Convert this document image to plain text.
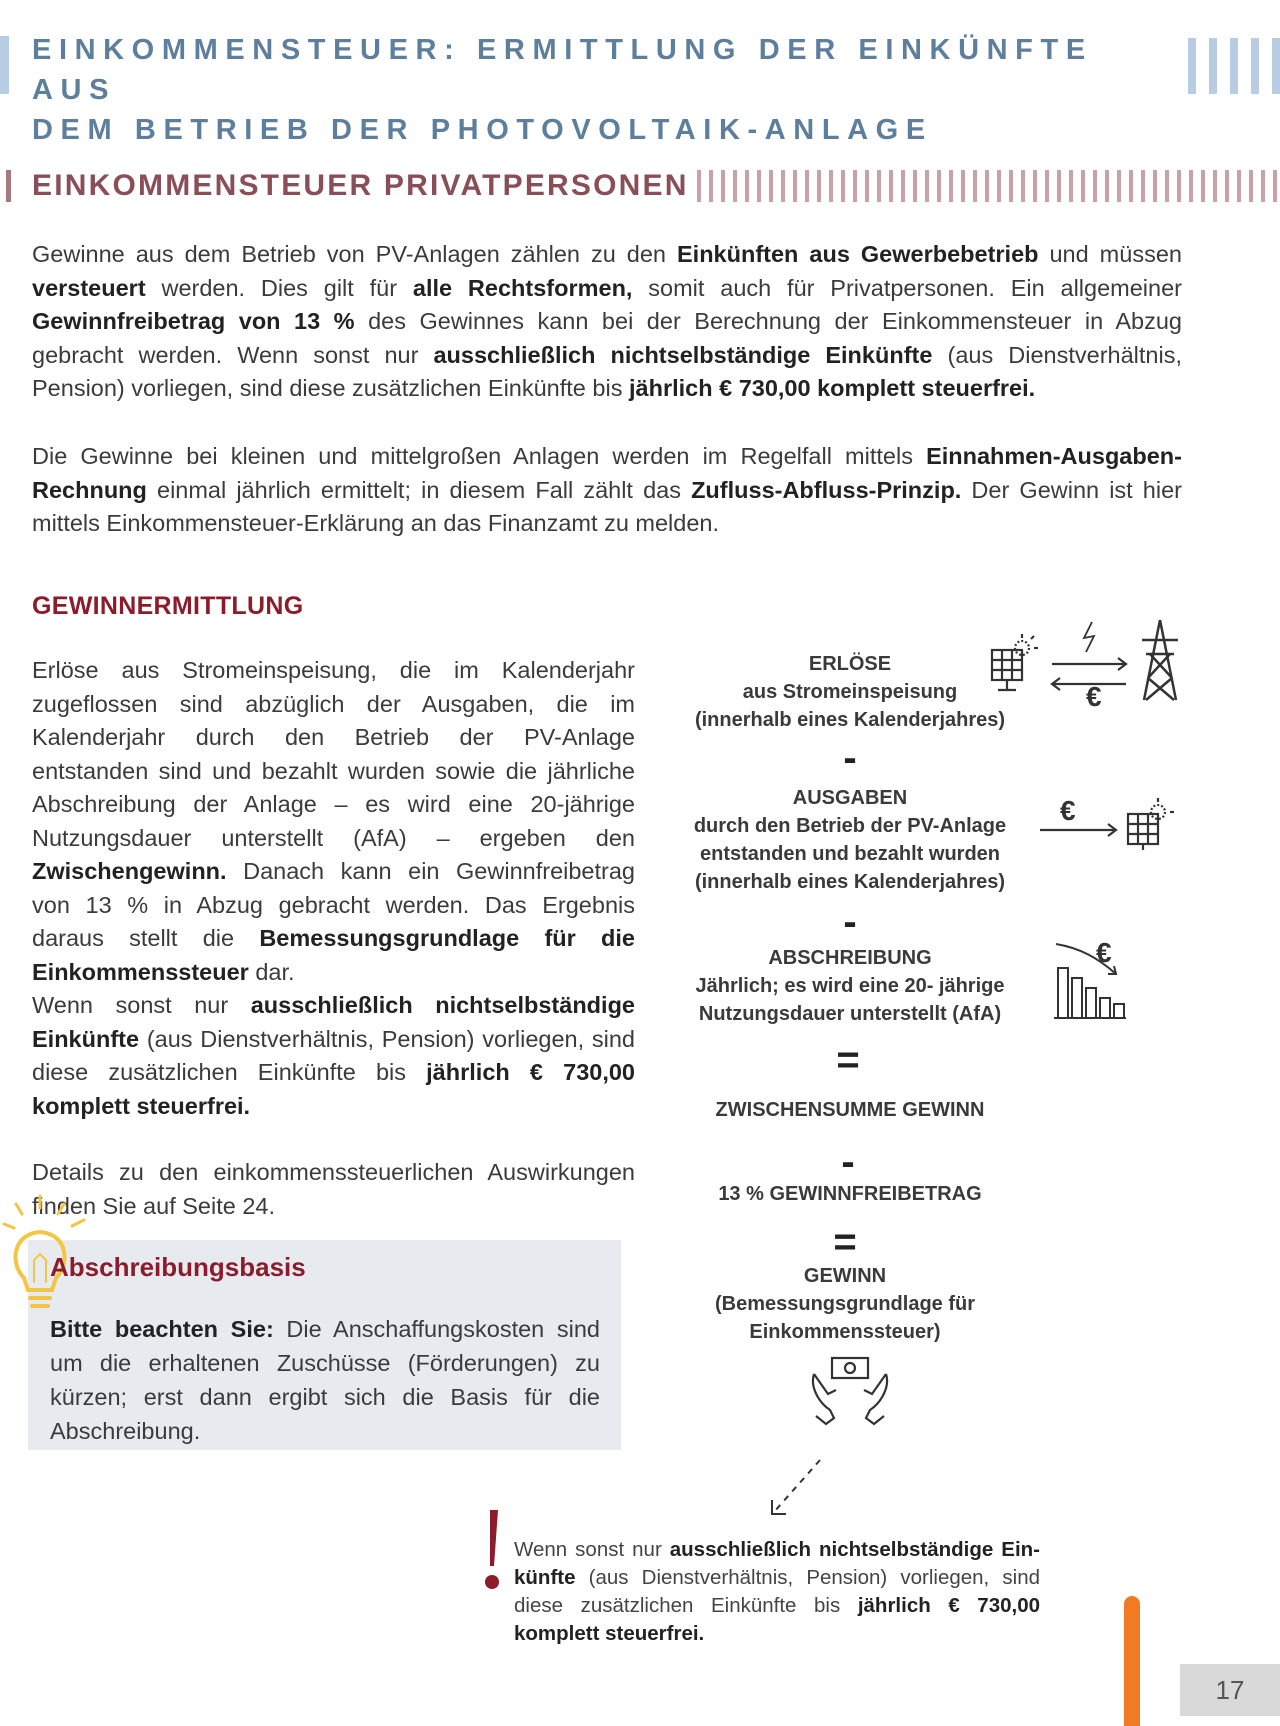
EINKOMMENSTEUER: ERMITTLUNG DER EINKÜNFTE AUS
DEM BETRIEB DER PHOTOVOLTAIK-ANLAGE
EINKOMMENSTEUER PRIVATPERSONEN
Gewinne aus dem Betrieb von PV-Anlagen zählen zu den Einkünften aus Gewerbebetrieb und müssen versteuert werden. Dies gilt für alle Rechtsformen, somit auch für Privatpersonen. Ein allgemeiner Gewinnfreibetrag von 13 % des Gewinnes kann bei der Berechnung der Einkommensteuer in Abzug gebracht werden. Wenn sonst nur ausschließlich nichtselbständige Einkünfte (aus Dienstverhältnis, Pension) vorliegen, sind diese zusätzlichen Einkünfte bis jährlich € 730,00 komplett steuerfrei.
Die Gewinne bei kleinen und mittelgroßen Anlagen werden im Regelfall mittels Einnahmen-Ausgaben-Rechnung einmal jährlich ermittelt; in diesem Fall zählt das Zufluss-Abfluss-Prinzip. Der Gewinn ist hier mittels Einkommensteuer-Erklärung an das Finanzamt zu melden.
GEWINNERMITTLUNG

Erlöse aus Stromeinspeisung, die im Kalenderjahr zugeflossen sind abzüglich der Ausgaben, die im Kalenderjahr durch den Betrieb der PV-Anlage entstanden sind und bezahlt wurden sowie die jährliche Abschreibung der Anlage – es wird eine 20-jährige Nutzungsdauer unterstellt (AfA) – ergeben den Zwischengewinn. Danach kann ein Gewinnfreibetrag von 13 % in Abzug gebracht werden. Das Ergebnis daraus stellt die Bemessungsgrundlage für die Einkommenssteuer dar.

Wenn sonst nur ausschließlich nichtselbständige Einkünfte (aus Dienstverhältnis, Pension) vorliegen, sind diese zusätzlichen Einkünfte bis jährlich € 730,00 komplett steuerfrei.

Details zu den einkommenssteuerlichen Auswirkungen finden Sie auf Seite 24.

Abschreibungsbasis
Bitte beachten Sie: Die Anschaffungskosten sind um die erhaltenen Zuschüsse (Förderungen) zu kürzen; erst dann ergibt sich die Basis für die Abschreibung.
ERLÖSE
aus Stromeinspeisung
(innerhalb eines Kalenderjahres)
€
-
AUSGABEN
durch den Betrieb der PV-Anlage
entstanden und bezahlt wurden
(innerhalb eines Kalenderjahres)
€
-
ABSCHREIBUNG
Jährlich; es wird eine 20- jährige
Nutzungsdauer unterstellt (AfA)
€
=
ZWISCHENSUMME GEWINN
-
13 % GEWINNFREIBETRAG
=
GEWINN
(Bemessungsgrundlage für
Einkommenssteuer)
Wenn sonst nur ausschließlich nichtselbständige Einkünfte (aus Dienstverhältnis, Pension) vorliegen, sind diese zusätzlichen Einkünfte bis jährlich € 730,00 komplett steuerfrei.
17
